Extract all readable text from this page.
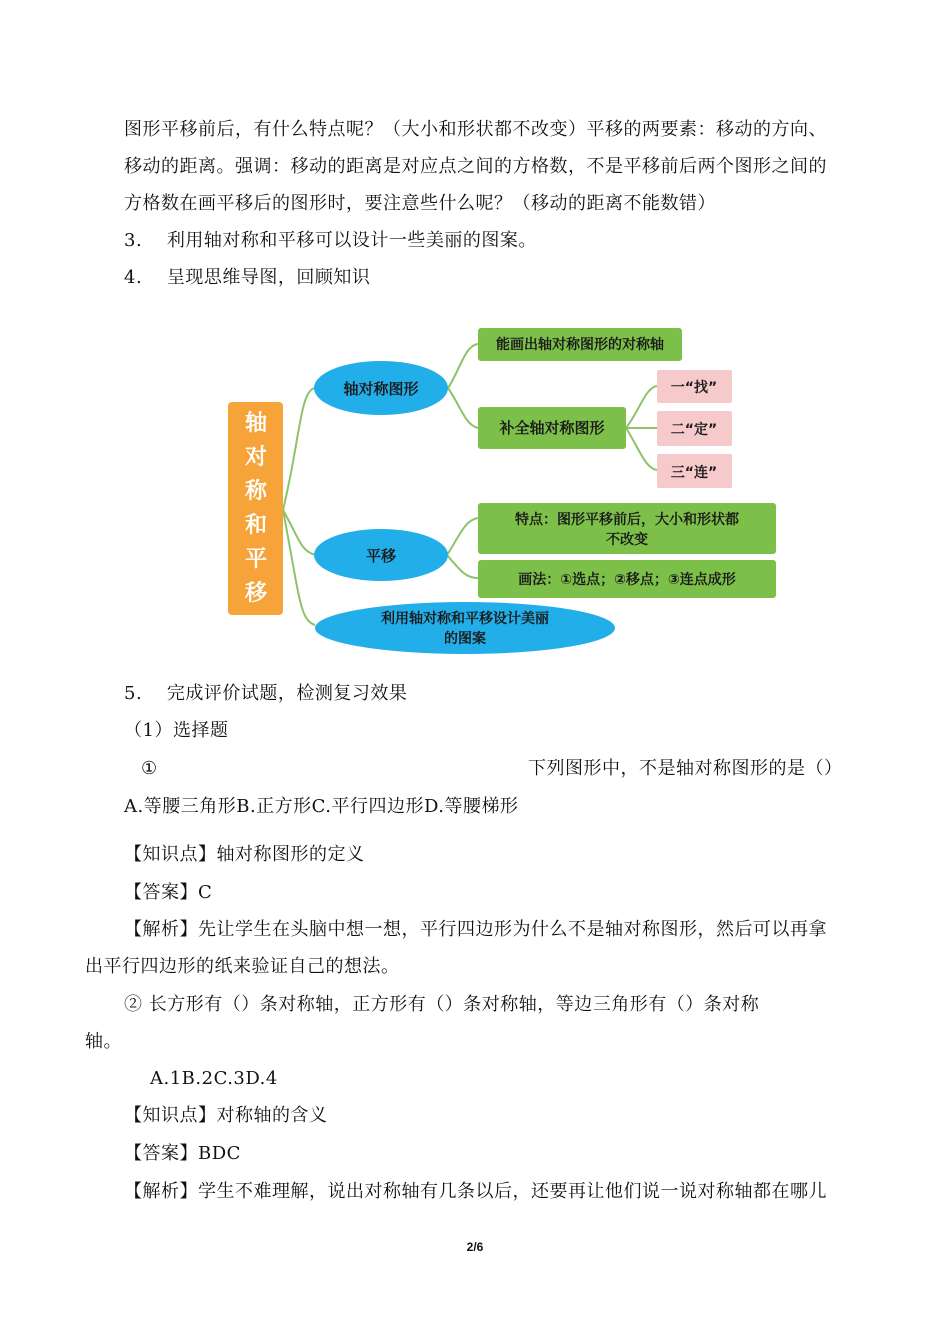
图形平移前后，有什么特点呢？（大小和形状都不改变）平移的两要素：移动的方向、
移动的距离。强调：移动的距离是对应点之间的方格数，不是平移前后两个图形之间的
方格数在画平移后的图形时，要注意些什么呢？（移动的距离不能数错）
3.　 利用轴对称和平移可以设计一些美丽的图案。
4.　 呈现思维导图，回顾知识
轴
对
称
和
平
移
轴对称图形
平移
利用轴对称和平移设计美丽
的图案
能画出轴对称图形的对称轴
补全轴对称图形
特点：图形平移前后，大小和形状都
不改变
画法：①选点；②移点；③连点成形
一“找”
二“定”
三“连”
5.　 完成评价试题，检测复习效果
（1）选择题
①	下列图形中，不是轴对称图形的是（）
A.等腰三角形B.正方形C.平行四边形D.等腰梯形
【知识点】轴对称图形的定义
【答案】C
【解析】先让学生在头脑中想一想，平行四边形为什么不是轴对称图形，然后可以再拿
出平行四边形的纸来验证自己的想法。
② 长方形有（）条对称轴，正方形有（）条对称轴，等边三角形有（）条对称
轴。
A.1B.2C.3D.4
【知识点】对称轴的含义
【答案】BDC
【解析】学生不难理解，说出对称轴有几条以后，还要再让他们说一说对称轴都在哪儿
2/6
